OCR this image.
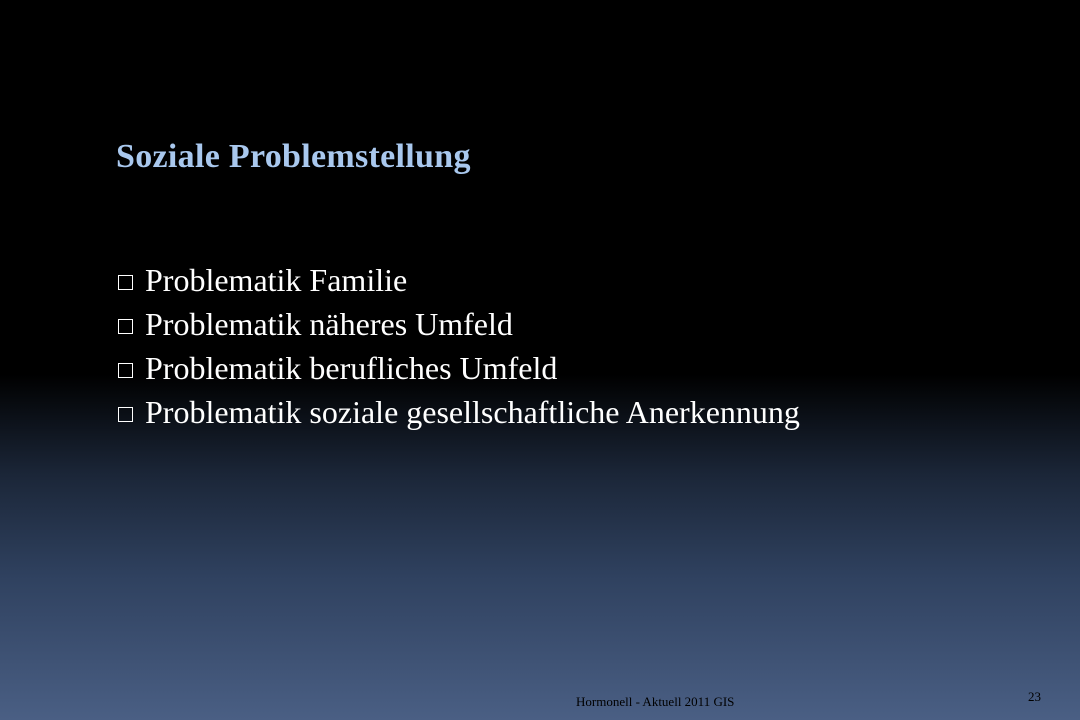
Soziale Problemstellung
Problematik Familie
Problematik näheres Umfeld
Problematik berufliches Umfeld
Problematik soziale gesellschaftliche Anerkennung
Hormonell - Aktuell 2011 GIS	23
